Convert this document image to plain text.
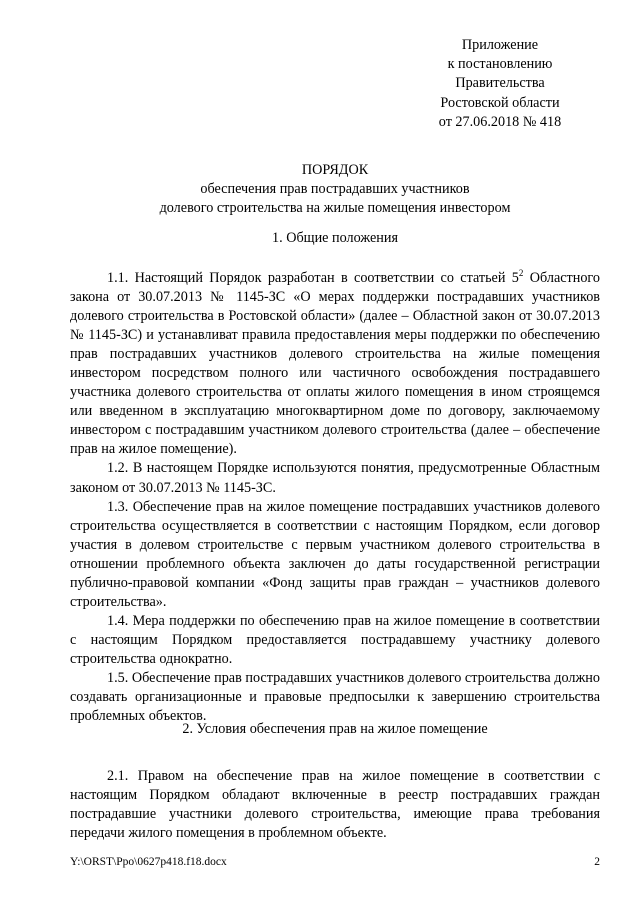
Приложение
к постановлению
Правительства
Ростовской области
от 27.06.2018 № 418
ПОРЯДОК
обеспечения прав пострадавших участников
долевого строительства на жилые помещения инвестором
1. Общие положения

1.1. Настоящий Порядок разработан в соответствии со статьей $5^2$ Областного закона от 30.07.2013 № 1145-ЗС «О мерах поддержки пострадавших участников долевого строительства в Ростовской области» (далее – Областной закон от 30.07.2013 № 1145-ЗС) и устанавливат правила предоставления меры поддержки по обеспечению прав пострадавших участников долевого строительства на жилые помещения инвестором посредством полного или частичного освобождения пострадавшего участника долевого строительства от оплаты жилого помещения в ином строящемся или введенном в эксплуатацию многоквартирном доме по договору, заключаемому инвестором с пострадавшим участником долевого строительства (далее – обеспечение прав на жилое помещение).

1.2. В настоящем Порядке используются понятия, предусмотренные Областным законом от 30.07.2013 № 1145-ЗС.

1.3. Обеспечение прав на жилое помещение пострадавших участников долевого строительства осуществляется в соответствии с настоящим Порядком, если договор участия в долевом строительстве с первым участником долевого строительства в отношении проблемного объекта заключен до даты государственной регистрации публично-правовой компании «Фонд защиты прав граждан – участников долевого строительства».

1.4. Мера поддержки по обеспечению прав на жилое помещение в соответствии с настоящим Порядком предоставляется пострадавшему участнику долевого строительства однократно.

1.5. Обеспечение прав пострадавших участников долевого строительства должно создавать организационные и правовые предпосылки к завершению строительства проблемных объектов.

2. Условия обеспечения прав на жилое помещение

2.1. Правом на обеспечение прав на жилое помещение в соответствии с настоящим Порядком обладают включенные в реестр пострадавших граждан пострадавшие участники долевого строительства, имеющие права требования передачи жилого помещения в проблемном объекте.

Y:\ORST\Ppo\0627p418.f18.docx	2
